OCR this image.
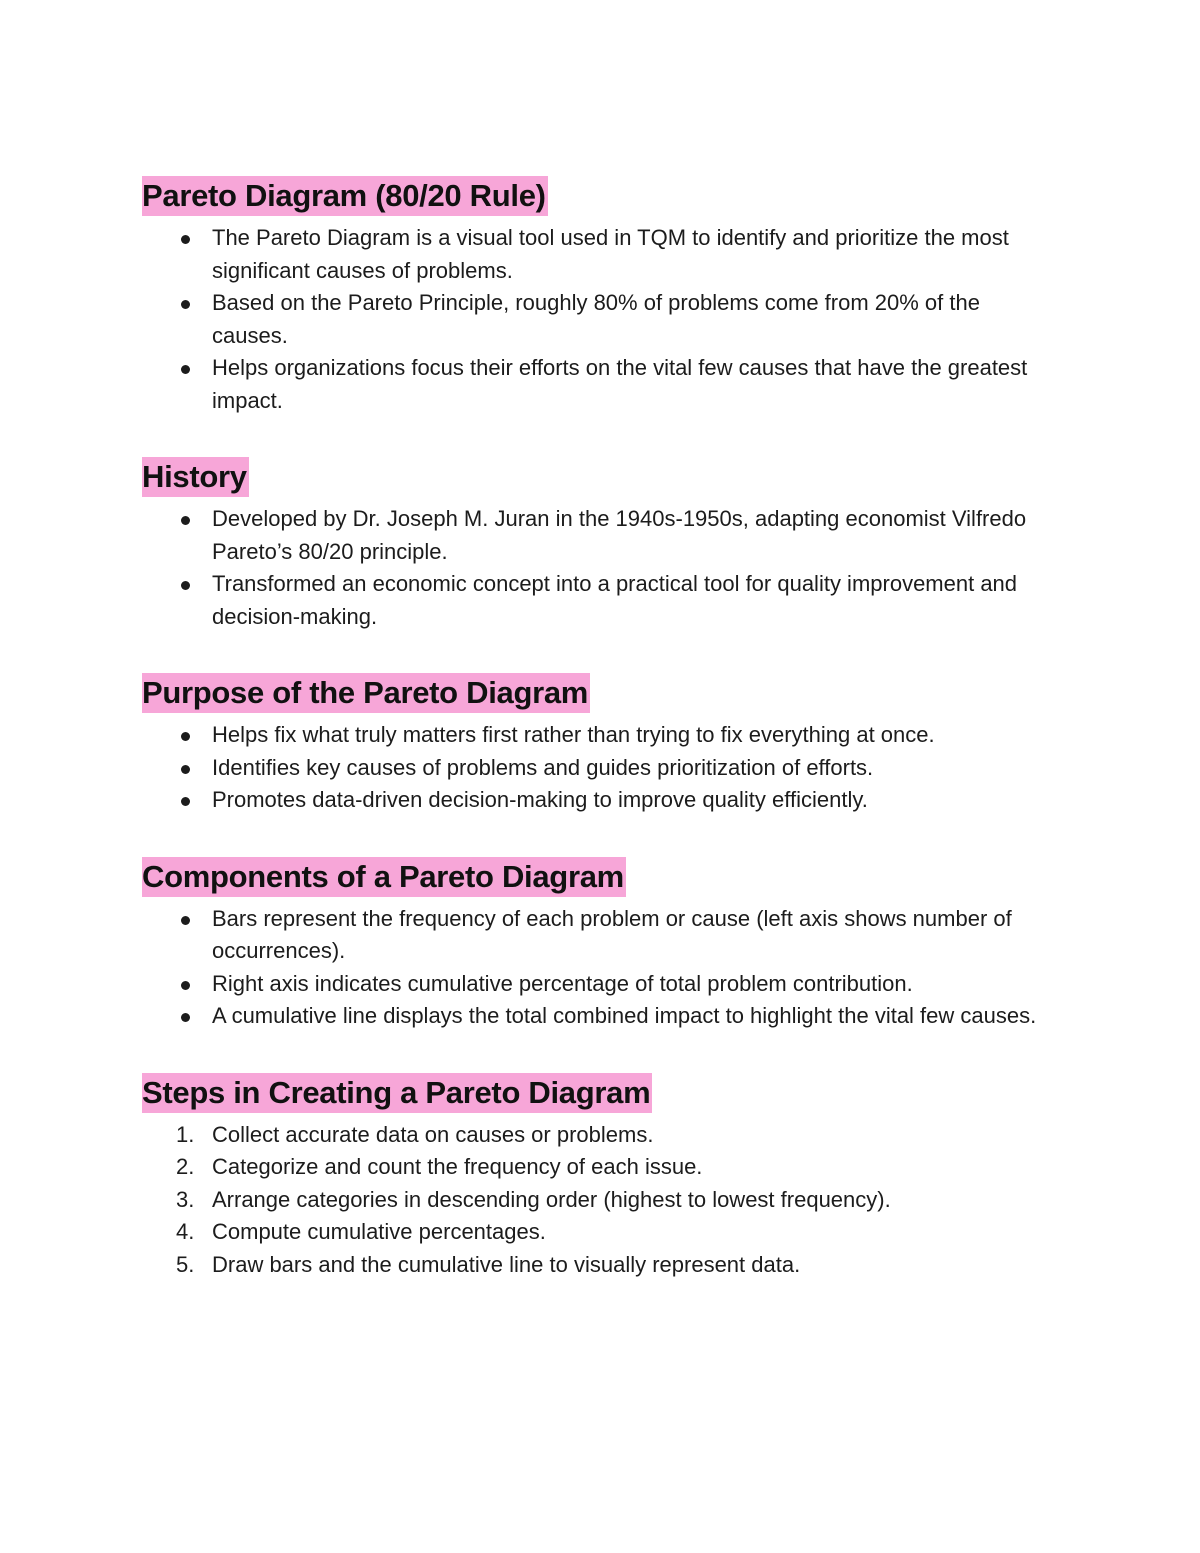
Pareto Diagram (80/20 Rule)
The Pareto Diagram is a visual tool used in TQM to identify and prioritize the most significant causes of problems.
Based on the Pareto Principle, roughly 80% of problems come from 20% of the causes.
Helps organizations focus their efforts on the vital few causes that have the greatest impact.
History
Developed by Dr. Joseph M. Juran in the 1940s-1950s, adapting economist Vilfredo Pareto’s 80/20 principle.
Transformed an economic concept into a practical tool for quality improvement and decision-making.
Purpose of the Pareto Diagram
Helps fix what truly matters first rather than trying to fix everything at once.
Identifies key causes of problems and guides prioritization of efforts.
Promotes data-driven decision-making to improve quality efficiently.
Components of a Pareto Diagram
Bars represent the frequency of each problem or cause (left axis shows number of occurrences).
Right axis indicates cumulative percentage of total problem contribution.
A cumulative line displays the total combined impact to highlight the vital few causes.
Steps in Creating a Pareto Diagram
1. Collect accurate data on causes or problems.
2. Categorize and count the frequency of each issue.
3. Arrange categories in descending order (highest to lowest frequency).
4. Compute cumulative percentages.
5. Draw bars and the cumulative line to visually represent data.
